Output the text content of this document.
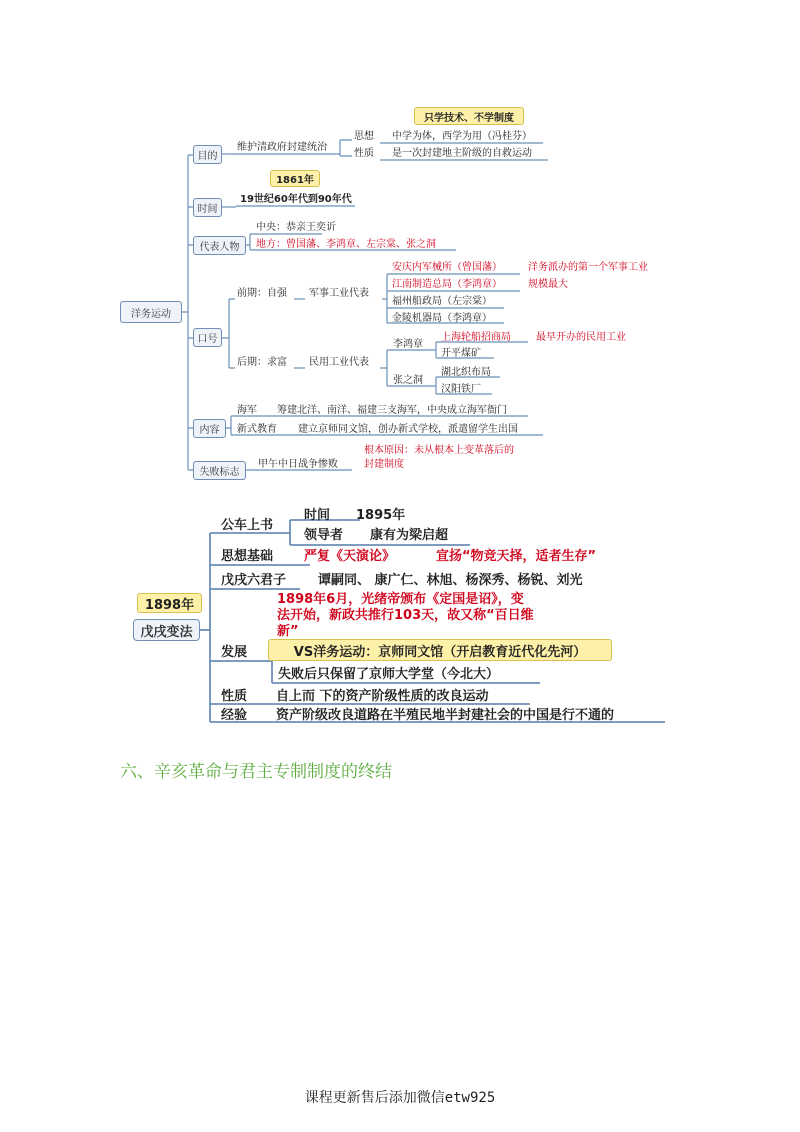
洋务运动
目的
时间
代表人物
口号
内容
失败标志
只学技术、不学制度
维护清政府封建统治
思想 中学为体，西学为用（冯桂芬）
性质 是一次封建地主阶级的自救运动
1861年
19世纪60年代到90年代
中央：恭亲王奕䜣
地方：曾国藩、李鸿章、左宗棠、张之洞
前期：自强 军事工业代表
安庆内军械所（曾国藩）
江南制造总局（李鸿章）
福州船政局（左宗棠）
金陵机器局（李鸿章）
洋务派办的第一个军事工业
规模最大
后期：求富 民用工业代表
李鸿章
上海轮船招商局
开平煤矿
最早开办的民用工业
张之洞
湖北织布局
汉阳铁厂
海军 筹建北洋、南洋、福建三支海军，中央成立海军衙门
新式教育 建立京师同文馆，创办新式学校，派遣留学生出国
甲午中日战争惨败
根本原因：未从根本上变革落后的
封建制度
1898年
戊戌变法
公车上书
时间 1895年
领导者 康有为梁启超
思想基础 严复《天演论》	宣扬“物竞天择，适者生存”
戊戌六君子 谭嗣同、 康广仁、林旭、杨深秀、杨锐、刘光
1898年6月，光绪帝颁布《定国是诏》，变
法开始，新政共推行103天，故又称“百日维
新”
发展	VS洋务运动：京师同文馆（开启教育近代化先河）
失败后只保留了京师大学堂（今北大）
性质 自上而 下的资产阶级性质的改良运动
经验 资产阶级改良道路在半殖民地半封建社会的中国是行不通的
六、辛亥革命与君主专制制度的终结
课程更新售后添加微信etw925
